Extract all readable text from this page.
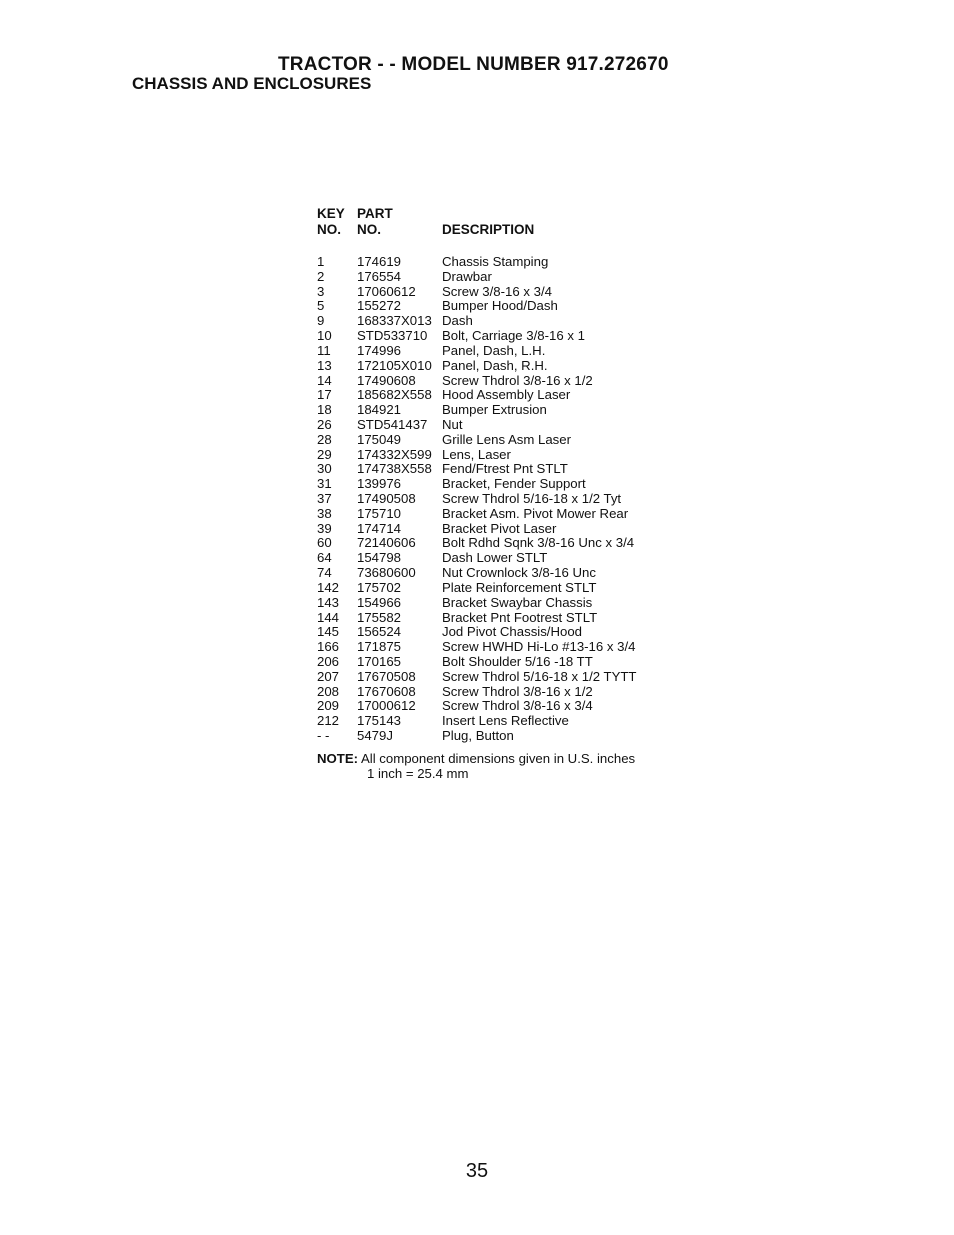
TRACTOR - - MODEL NUMBER 917.272670
CHASSIS AND ENCLOSURES
KEY PART
NO. NO.	DESCRIPTION
1 174619	Chassis Stamping
2 176554	Drawbar
3 17060612 Screw 3/8-16 x 3/4
5 155272	Bumper Hood/Dash
9 168337X013 Dash
10 STD533710 Bolt, Carriage 3/8-16 x 1
11 174996	Panel, Dash, L.H.
13 172105X010 Panel, Dash, R.H.
14 17490608 Screw Thdrol 3/8-16 x 1/2
17 185682X558 Hood Assembly Laser
18 184921	Bumper Extrusion
26 STD541437 Nut
28 175049	Grille Lens Asm Laser
29 174332X599 Lens, Laser
30 174738X558 Fend/Ftrest Pnt STLT
31 139976	Bracket, Fender Support
37 17490508 Screw Thdrol 5/16-18 x 1/2 Tyt
38 175710	Bracket Asm. Pivot Mower Rear
39 174714	Bracket Pivot Laser
60 72140606 Bolt Rdhd Sqnk 3/8-16 Unc x 3/4
64 154798	Dash Lower STLT
74 73680600 Nut Crownlock 3/8-16 Unc
142 175702	Plate Reinforcement STLT
143 154966	Bracket Swaybar Chassis
144 175582	Bracket Pnt Footrest STLT
145 156524	Jod Pivot Chassis/Hood
166 171875	Screw HWHD Hi-Lo #13-16 x 3/4
206 170165	Bolt Shoulder 5/16 -18 TT
207 17670508 Screw Thdrol 5/16-18 x 1/2 TYTT
208 17670608 Screw Thdrol 3/8-16 x 1/2
209 17000612 Screw Thdrol 3/8-16 x 3/4
212 175143	Insert Lens Reflective
- - 5479J	Plug, Button
NOTE: All component dimensions given in U.S. inches
1 inch = 25.4 mm
35
